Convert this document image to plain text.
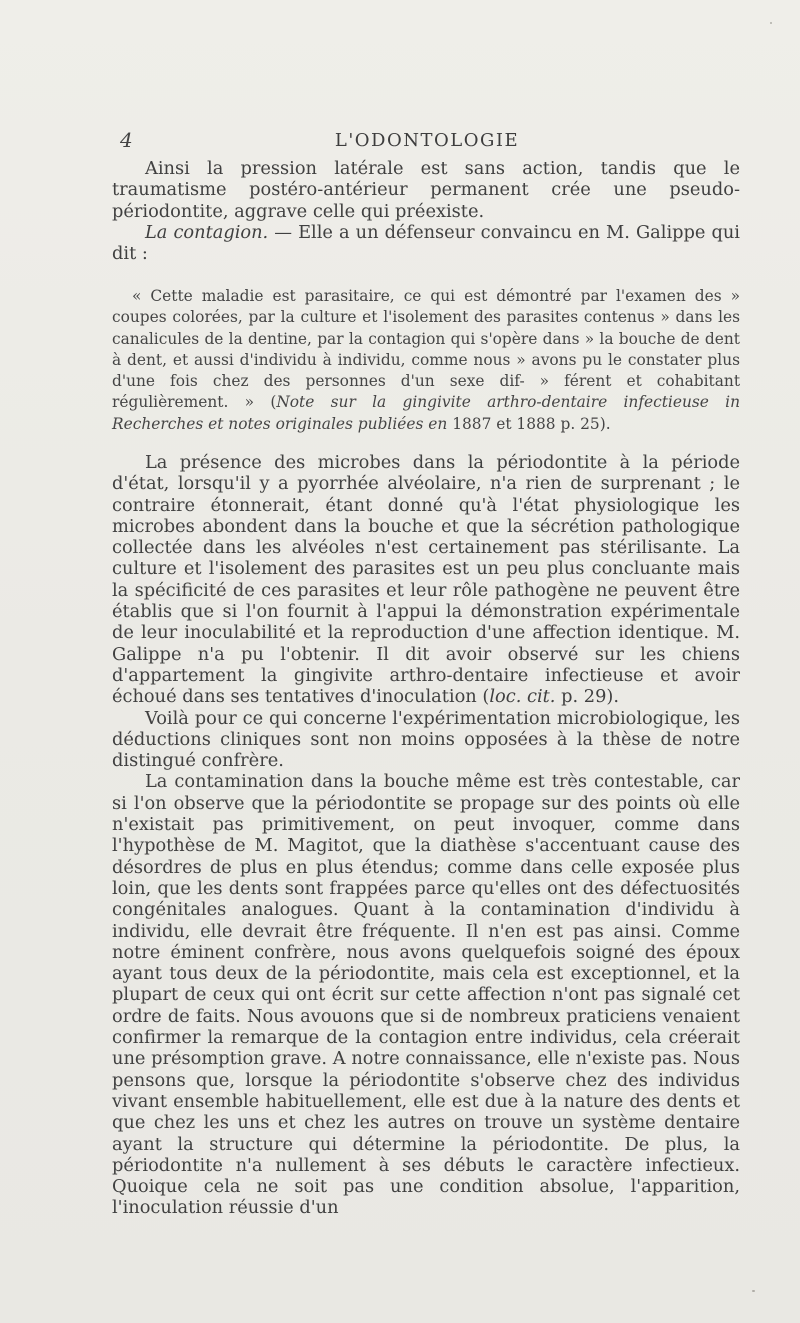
4	L'ODONTOLOGIE

Ainsi la pression latérale est sans action, tandis que le traumatisme postéro-antérieur permanent crée une pseudo-périodontite, aggrave celle qui préexiste.

La contagion. — Elle a un défenseur convaincu en M. Galippe qui dit :

« Cette maladie est parasitaire, ce qui est démontré par l'examen des » coupes colorées, par la culture et l'isolement des parasites contenus » dans les canalicules de la dentine, par la contagion qui s'opère dans » la bouche de dent à dent, et aussi d'individu à individu, comme nous » avons pu le constater plus d'une fois chez des personnes d'un sexe dif- » férent et cohabitant régulièrement. » (Note sur la gingivite arthro-dentaire infectieuse in Recherches et notes originales publiées en 1887 et 1888 p. 25).

La présence des microbes dans la périodontite à la période d'état, lorsqu'il y a pyorrhée alvéolaire, n'a rien de surprenant ; le contraire étonnerait, étant donné qu'à l'état physiologique les microbes abondent dans la bouche et que la sécrétion pathologique collectée dans les alvéoles n'est certainement pas stérilisante. La culture et l'isolement des parasites est un peu plus concluante mais la spécificité de ces parasites et leur rôle pathogène ne peuvent être établis que si l'on fournit à l'appui la démonstration expérimentale de leur inoculabilité et la reproduction d'une affection identique. M. Galippe n'a pu l'obtenir. Il dit avoir observé sur les chiens d'appartement la gingivite arthro-dentaire infectieuse et avoir échoué dans ses tentatives d'inoculation (loc. cit. p. 29).

Voilà pour ce qui concerne l'expérimentation microbiologique, les déductions cliniques sont non moins opposées à la thèse de notre distingué confrère.

La contamination dans la bouche même est très contestable, car si l'on observe que la périodontite se propage sur des points où elle n'existait pas primitivement, on peut invoquer, comme dans l'hypothèse de M. Magitot, que la diathèse s'accentuant cause des désordres de plus en plus étendus; comme dans celle exposée plus loin, que les dents sont frappées parce qu'elles ont des défectuosités congénitales analogues. Quant à la contamination d'individu à individu, elle devrait être fréquente. Il n'en est pas ainsi. Comme notre éminent confrère, nous avons quelquefois soigné des époux ayant tous deux de la périodontite, mais cela est exceptionnel, et la plupart de ceux qui ont écrit sur cette affection n'ont pas signalé cet ordre de faits. Nous avouons que si de nombreux praticiens venaient confirmer la remarque de la contagion entre individus, cela créerait une présomption grave. A notre connaissance, elle n'existe pas. Nous pensons que, lorsque la périodontite s'observe chez des individus vivant ensemble habituellement, elle est due à la nature des dents et que chez les uns et chez les autres on trouve un système dentaire ayant la structure qui détermine la périodontite. De plus, la périodontite n'a nullement à ses débuts le caractère infectieux. Quoique cela ne soit pas une condition absolue, l'apparition, l'inoculation réussie d'un
